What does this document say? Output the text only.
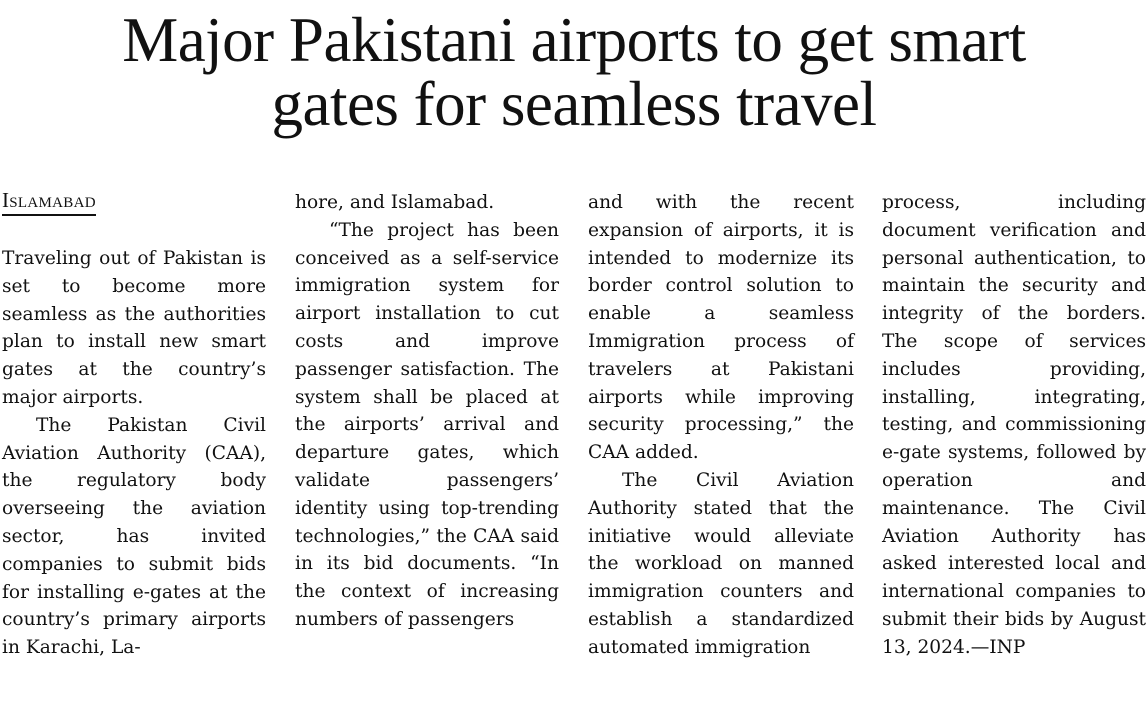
Major Pakistani airports to get smart
gates for seamless travel
Islamabad

Traveling out of Pakistan is set to become more seamless as the authorities plan to install new smart gates at the country’s major airports.

The Pakistan Civil Aviation Authority (CAA), the regulatory body overseeing the aviation sector, has invited companies to submit bids for installing e-gates at the country’s primary airports in Karachi, La-

hore, and Islamabad.

“The project has been conceived as a self-service immigration system for airport installation to cut costs and improve passenger satisfaction. The system shall be placed at the airports’ arrival and departure gates, which validate passengers’ identity using top-trending technologies,” the CAA said in its bid documents. “In the context of increasing numbers of passengers

and with the recent expansion of airports, it is intended to modernize its border control solution to enable a seamless Immigration process of travelers at Pakistani airports while improving security processing,” the CAA added.

The Civil Aviation Authority stated that the initiative would alleviate the workload on manned immigration counters and establish a standardized automated immigration

process, including document verification and personal authentication, to maintain the security and integrity of the borders. The scope of services includes providing, installing, integrating, testing, and commissioning e-gate systems, followed by operation and maintenance. The Civil Aviation Authority has asked interested local and international companies to submit their bids by August 13, 2024.—INP
